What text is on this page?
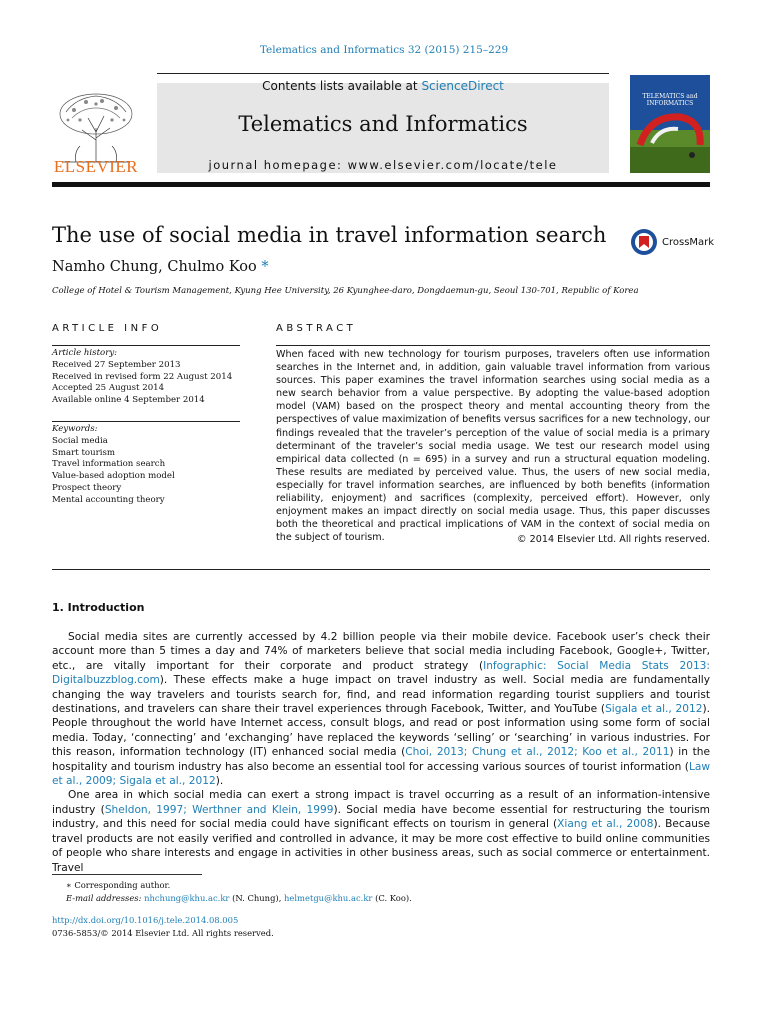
Telematics and Informatics 32 (2015) 215–229
Contents lists available at ScienceDirect
Telematics and Informatics
journal homepage: www.elsevier.com/locate/tele
ELSEVIER
TELEMATICS and INFORMATICS
The use of social media in travel information search	CrossMark
Namho Chung, Chulmo Koo *
College of Hotel & Tourism Management, Kyung Hee University, 26 Kyunghee-daro, Dongdaemun-gu, Seoul 130-701, Republic of Korea
ARTICLE INFO
Article history:
Received 27 September 2013
Received in revised form 22 August 2014
Accepted 25 August 2014
Available online 4 September 2014
Keywords:
Social media
Smart tourism
Travel information search
Value-based adoption model
Prospect theory
Mental accounting theory
ABSTRACT
When faced with new technology for tourism purposes, travelers often use information searches in the Internet and, in addition, gain valuable travel information from various sources. This paper examines the travel information searches using social media as a new search behavior from a value perspective. By adopting the value-based adoption model (VAM) based on the prospect theory and mental accounting theory from the perspectives of value maximization of benefits versus sacrifices for a new technology, our findings revealed that the traveler’s perception of the value of social media is a primary determinant of the traveler’s social media usage. We test our research model using empirical data collected (n = 695) in a survey and run a structural equation modeling. These results are mediated by perceived value. Thus, the users of new social media, especially for travel information searches, are influenced by both benefits (information reliability, enjoyment) and sacrifices (complexity, perceived effort). However, only enjoyment makes an impact directly on social media usage. Thus, this paper discusses both the theoretical and practical implications of VAM in the context of social media on the subject of tourism.	© 2014 Elsevier Ltd. All rights reserved.
1. Introduction

Social media sites are currently accessed by 4.2 billion people via their mobile device. Facebook user’s check their account more than 5 times a day and 74% of marketers believe that social media including Facebook, Google+, Twitter, etc., are vitally important for their corporate and product strategy (Infographic: Social Media Stats 2013: Digitalbuzzblog.com). These effects make a huge impact on travel industry as well. Social media are fundamentally changing the way travelers and tourists search for, find, and read information regarding tourist suppliers and tourist destinations, and travelers can share their travel experiences through Facebook, Twitter, and YouTube (Sigala et al., 2012). People throughout the world have Internet access, consult blogs, and read or post information using some form of social media. Today, ‘connecting’ and ‘exchanging’ have replaced the keywords ‘selling’ or ‘searching’ in various industries. For this reason, information technology (IT) enhanced social media (Choi, 2013; Chung et al., 2012; Koo et al., 2011) in the hospitality and tourism industry has also become an essential tool for accessing various sources of tourist information (Law et al., 2009; Sigala et al., 2012).

One area in which social media can exert a strong impact is travel occurring as a result of an information-intensive industry (Sheldon, 1997; Werthner and Klein, 1999). Social media have become essential for restructuring the tourism industry, and this need for social media could have significant effects on tourism in general (Xiang et al., 2008). Because travel products are not easily verified and controlled in advance, it may be more cost effective to build online communities of people who share interests and engage in activities in other business areas, such as social commerce or entertainment. Travel

∗ Corresponding author.
E-mail addresses: nhchung@khu.ac.kr (N. Chung), helmetgu@khu.ac.kr (C. Koo).
http://dx.doi.org/10.1016/j.tele.2014.08.005
0736-5853/© 2014 Elsevier Ltd. All rights reserved.
